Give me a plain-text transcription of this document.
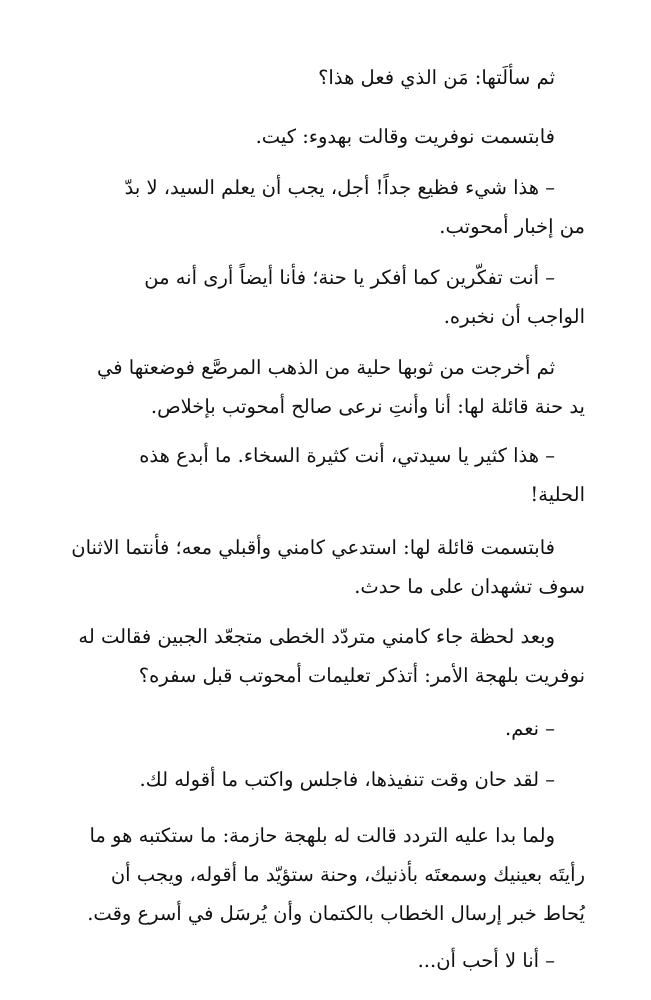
ثم سألَتها: مَن الذي فعل هذا؟
فابتسمت نوفريت وقالت بهدوء: كيت.
– هذا شيء فظيع جداً! أجل، يجب أن يعلم السيد، لا بدّ
من إخبار أمحوتب.
– أنت تفكّرين كما أفكر يا حنة؛ فأنا أيضاً أرى أنه من
الواجب أن نخبره.
ثم أخرجت من ثوبها حلية من الذهب المرصَّع فوضعتها في
يد حنة قائلة لها: أنا وأنتِ نرعى صالح أمحوتب بإخلاص.
– هذا كثير يا سيدتي، أنت كثيرة السخاء. ما أبدع هذه
الحلية!
فابتسمت قائلة لها: استدعي كامني وأقبلي معه؛ فأنتما الاثنان
سوف تشهدان على ما حدث.
وبعد لحظة جاء كامني متردّد الخطى متجعّد الجبين فقالت له
نوفريت بلهجة الأمر: أتذكر تعليمات أمحوتب قبل سفره؟
– نعم.
– لقد حان وقت تنفيذها، فاجلس واكتب ما أقوله لك.
ولما بدا عليه التردد قالت له بلهجة حازمة: ما ستكتبه هو ما
رأيتَه بعينيك وسمعتَه بأذنيك، وحنة ستؤيّد ما أقوله، ويجب أن
يُحاط خبر إرسال الخطاب بالكتمان وأن يُرسَل في أسرع وقت.
– أنا لا أحب أن...
